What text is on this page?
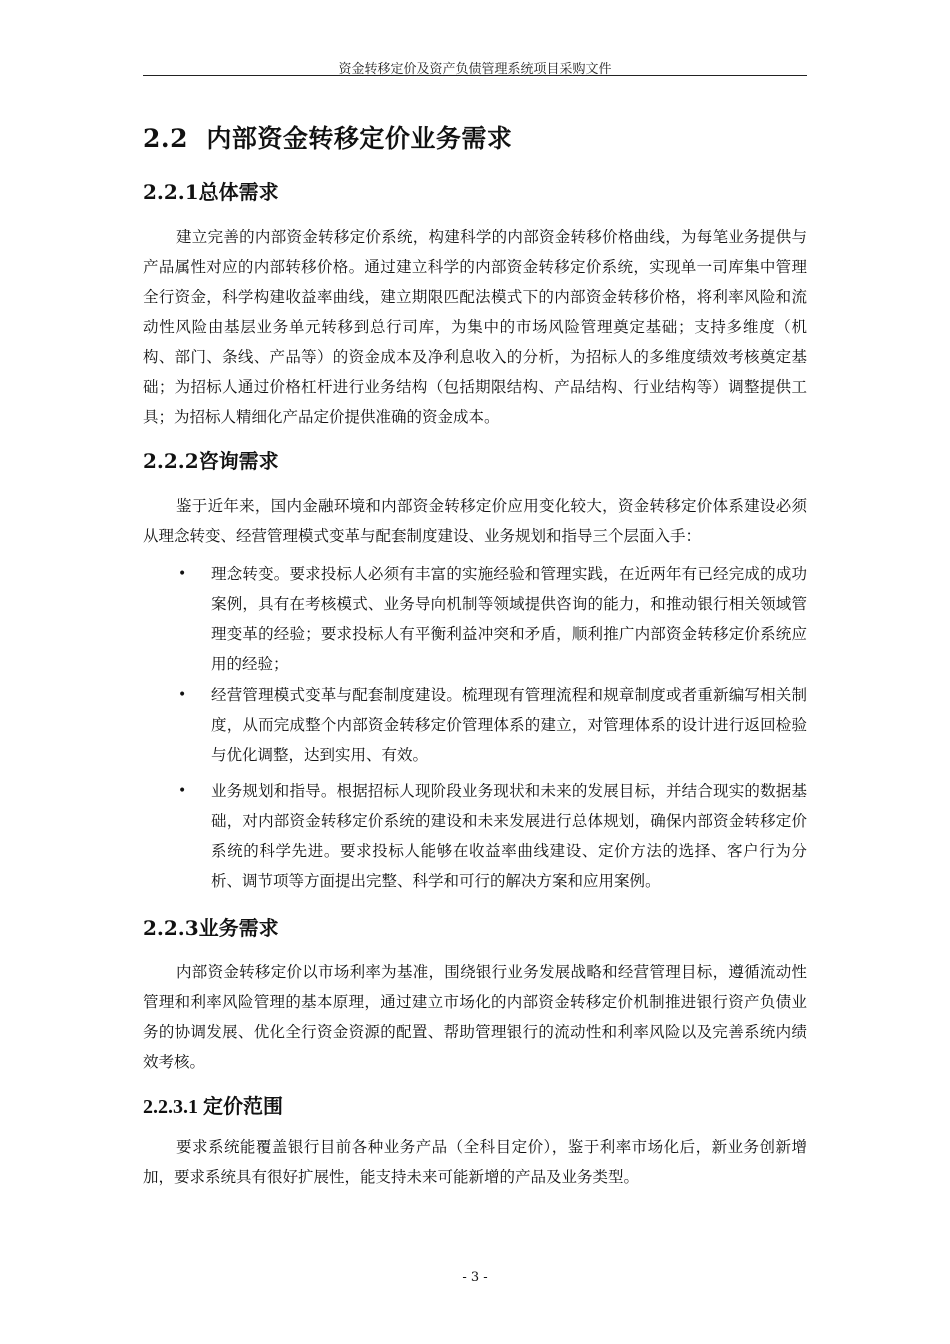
资金转移定价及资产负债管理系统项目采购文件
2.2  内部资金转移定价业务需求
2.2.1总体需求

建立完善的内部资金转移定价系统，构建科学的内部资金转移价格曲线，为每笔业务提供与产品属性对应的内部转移价格。通过建立科学的内部资金转移定价系统，实现单一司库集中管理全行资金，科学构建收益率曲线，建立期限匹配法模式下的内部资金转移价格，将利率风险和流动性风险由基层业务单元转移到总行司库，为集中的市场风险管理奠定基础；支持多维度（机构、部门、条线、产品等）的资金成本及净利息收入的分析，为招标人的多维度绩效考核奠定基础；为招标人通过价格杠杆进行业务结构（包括期限结构、产品结构、行业结构等）调整提供工具；为招标人精细化产品定价提供准确的资金成本。

2.2.2咨询需求

鉴于近年来，国内金融环境和内部资金转移定价应用变化较大，资金转移定价体系建设必须从理念转变、经营管理模式变革与配套制度建设、业务规划和指导三个层面入手：

• 理念转变。要求投标人必须有丰富的实施经验和管理实践，在近两年有已经完成的成功案例，具有在考核模式、业务导向机制等领域提供咨询的能力，和推动银行相关领域管理变革的经验；要求投标人有平衡利益冲突和矛盾，顺利推广内部资金转移定价系统应用的经验；

• 经营管理模式变革与配套制度建设。梳理现有管理流程和规章制度或者重新编写相关制度，从而完成整个内部资金转移定价管理体系的建立，对管理体系的设计进行返回检验与优化调整，达到实用、有效。

• 业务规划和指导。根据招标人现阶段业务现状和未来的发展目标，并结合现实的数据基础，对内部资金转移定价系统的建设和未来发展进行总体规划，确保内部资金转移定价系统的科学先进。要求投标人能够在收益率曲线建设、定价方法的选择、客户行为分析、调节项等方面提出完整、科学和可行的解决方案和应用案例。

2.2.3业务需求

内部资金转移定价以市场利率为基准，围绕银行业务发展战略和经营管理目标，遵循流动性管理和利率风险管理的基本原理，通过建立市场化的内部资金转移定价机制推进银行资产负债业务的协调发展、优化全行资金资源的配置、帮助管理银行的流动性和利率风险以及完善系统内绩效考核。

2.2.3.1 定价范围

要求系统能覆盖银行目前各种业务产品（全科目定价），鉴于利率市场化后，新业务创新增加，要求系统具有很好扩展性，能支持未来可能新增的产品及业务类型。

- 3 -
